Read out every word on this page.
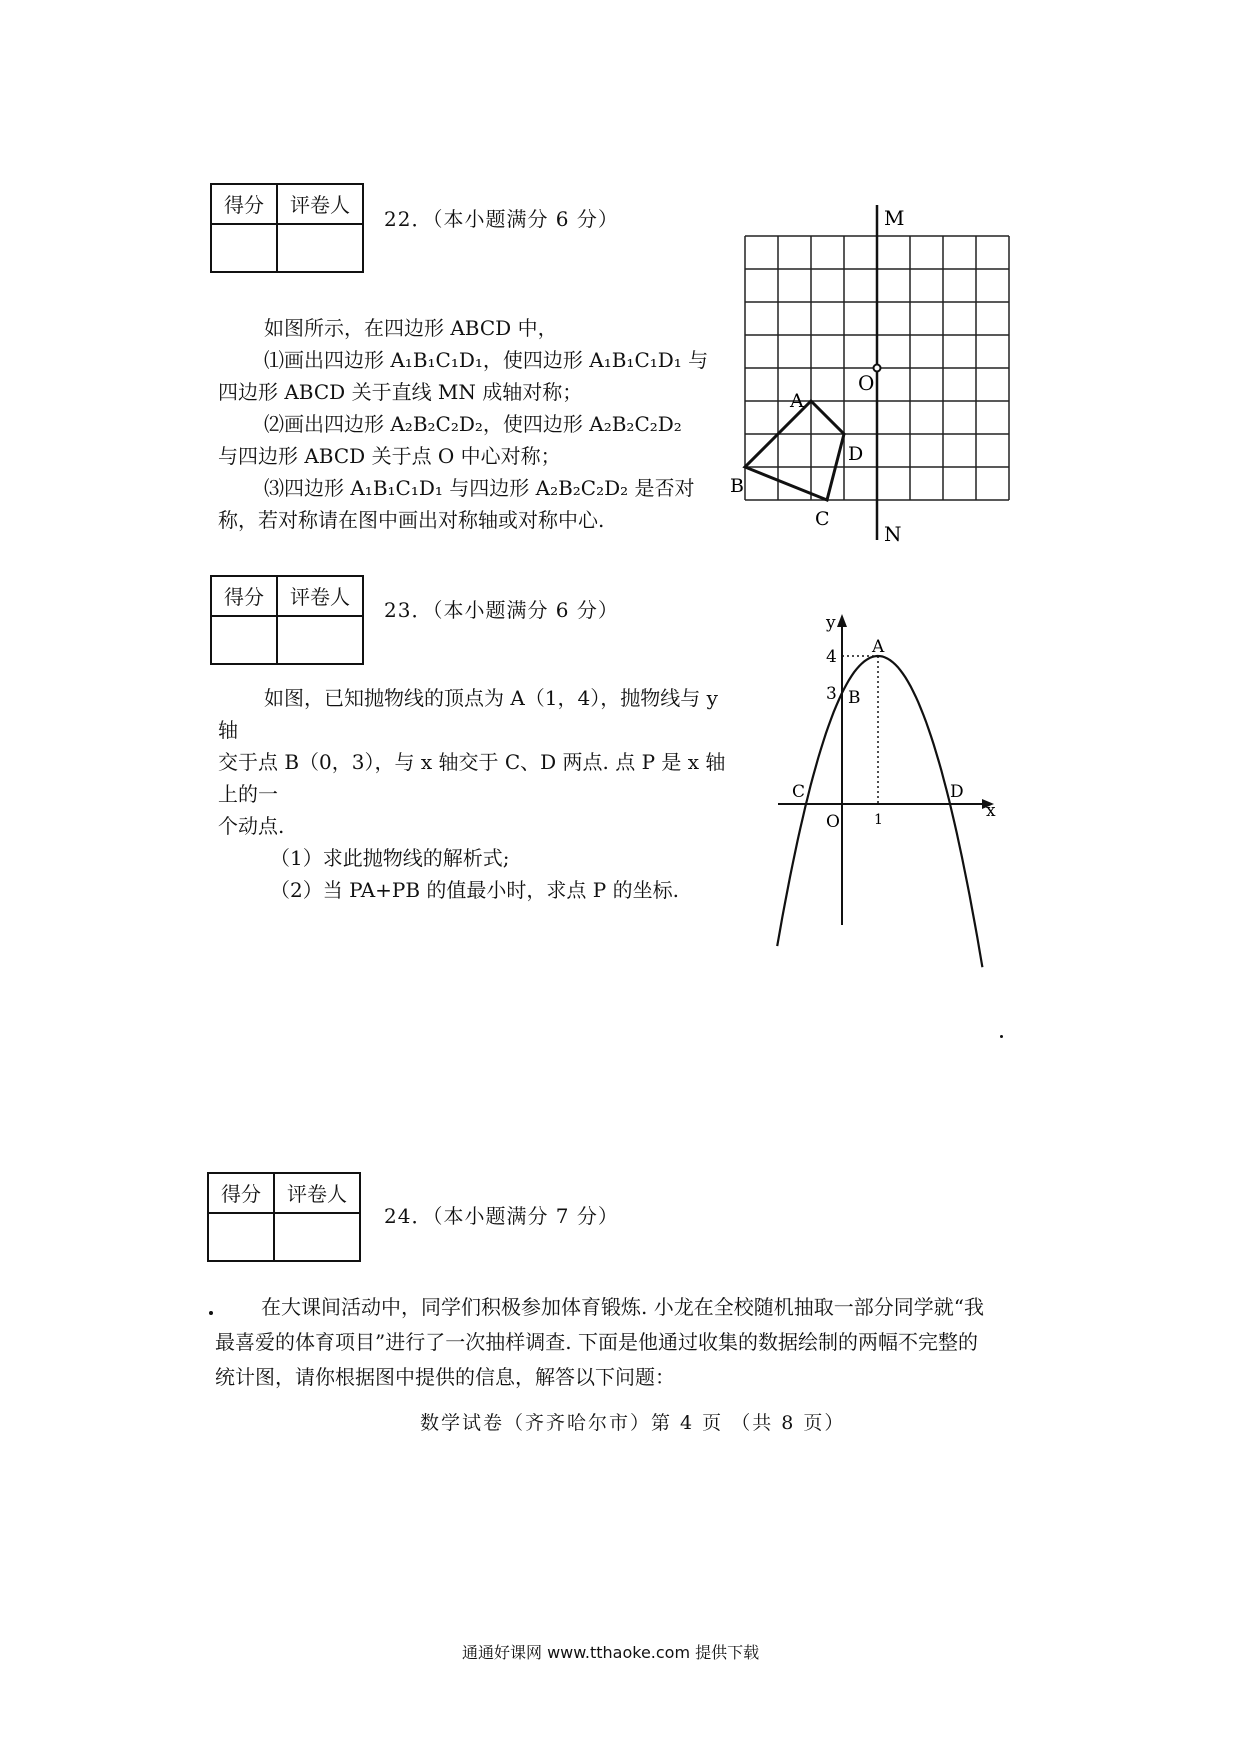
得分	评卷人
22．（本小题满分 6 分）

如图所示，在四边形 ABCD 中，

⑴画出四边形 A₁B₁C₁D₁，使四边形 A₁B₁C₁D₁ 与

四边形 ABCD 关于直线 MN 成轴对称；

⑵画出四边形 A₂B₂C₂D₂，使四边形 A₂B₂C₂D₂

与四边形 ABCD 关于点 O 中心对称；

⑶四边形 A₁B₁C₁D₁ 与四边形 A₂B₂C₂D₂ 是否对

称，若对称请在图中画出对称轴或对称中心.

M
N
O
A
B
C
D
得分	评卷人
23．（本小题满分 6 分）

如图，已知抛物线的顶点为 A（1，4），抛物线与 y 轴

交于点 B（0，3），与 x 轴交于 C、D 两点. 点 P 是 x 轴上的一

个动点.

（1）求此抛物线的解析式;

（2）当 PA+PB 的值最小时，求点 P 的坐标.

y
x
4
3
1
O
A
B
C	D
得分	评卷人
24．（本小题满分 7 分）

在大课间活动中，同学们积极参加体育锻炼. 小龙在全校随机抽取一部分同学就“我

最喜爱的体育项目”进行了一次抽样调查. 下面是他通过收集的数据绘制的两幅不完整的

统计图，请你根据图中提供的信息，解答以下问题：

数学试卷（齐齐哈尔市）第 4 页 （共 8 页）
通通好课网 www.tthaoke.com 提供下载
